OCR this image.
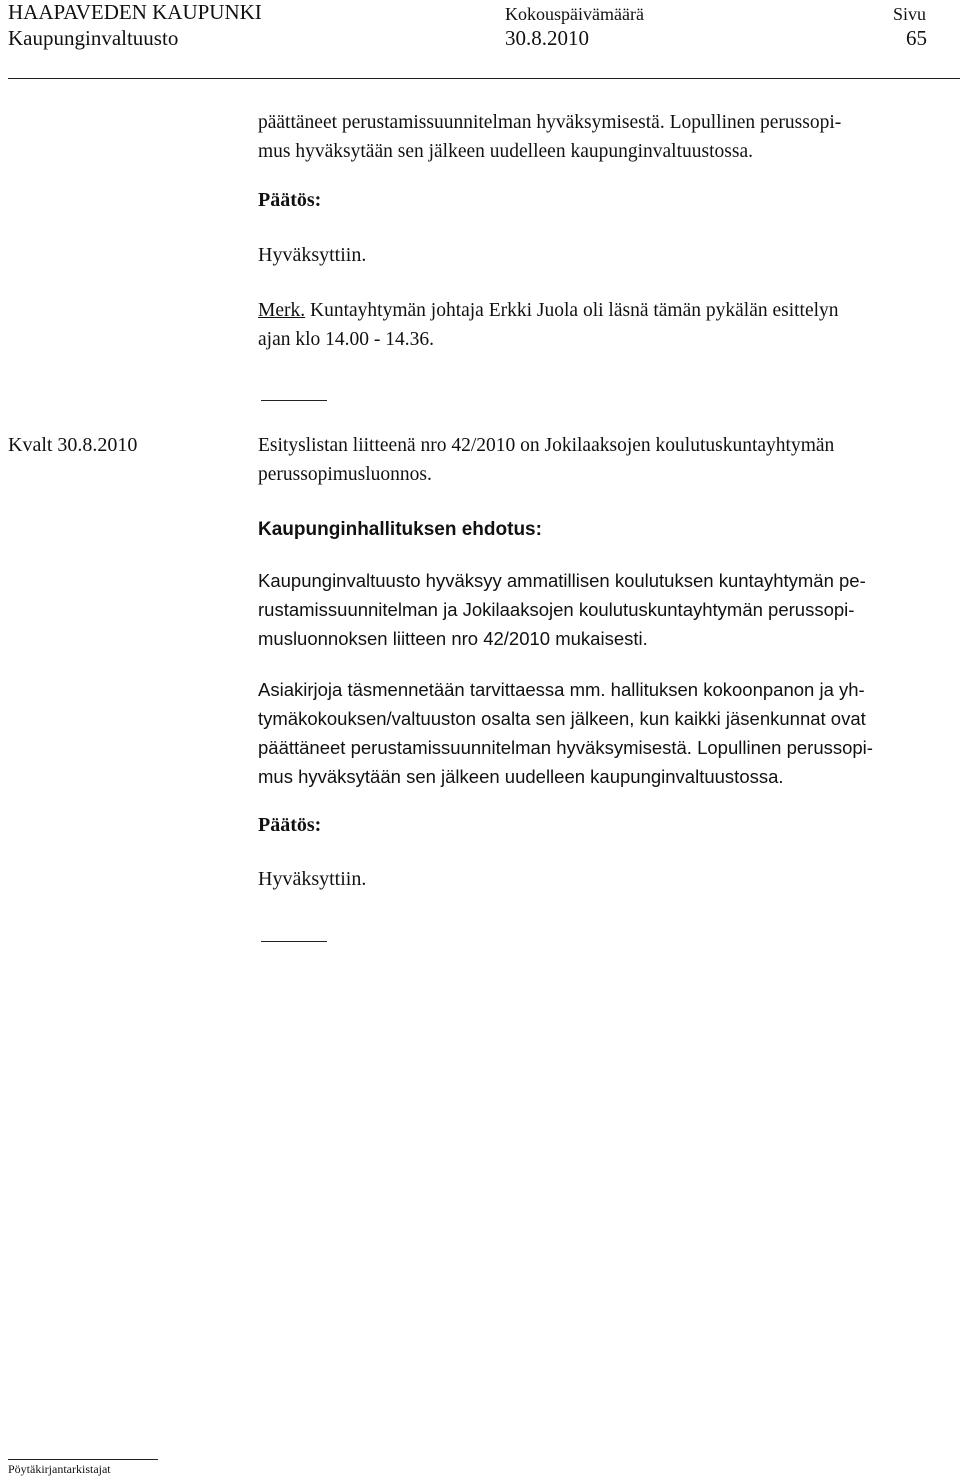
HAAPAVEDEN KAUPUNKI
Kaupunginvaltuusto
Kokouspäivämäärä
30.8.2010
Sivu
65
päättäneet perustamissuunnitelman hyväksymisestä. Lopullinen perussopi-
mus hyväksytään sen jälkeen uudelleen kaupunginvaltuustossa.
Päätös:
Hyväksyttiin.
Merk. Kuntayhtymän johtaja Erkki Juola oli läsnä tämän pykälän esittelyn
ajan klo 14.00 - 14.36.
Kvalt 30.8.2010	Esityslistan liitteenä nro 42/2010 on Jokilaaksojen koulutuskuntayhtymän
perussopimusluonnos.
Kaupunginhallituksen ehdotus:
Kaupunginvaltuusto hyväksyy ammatillisen koulutuksen kuntayhtymän pe-
rustamissuunnitelman ja Jokilaaksojen koulutuskuntayhtymän perussopi-
musluonnoksen liitteen nro 42/2010 mukaisesti.
Asiakirjoja täsmennetään tarvittaessa mm. hallituksen kokoonpanon ja yh-
tymäkokouksen/valtuuston osalta sen jälkeen, kun kaikki jäsenkunnat ovat
päättäneet perustamissuunnitelman hyväksymisestä. Lopullinen perussopi-
mus hyväksytään sen jälkeen uudelleen kaupunginvaltuustossa.
Päätös:
Hyväksyttiin.
Pöytäkirjantarkistajat
